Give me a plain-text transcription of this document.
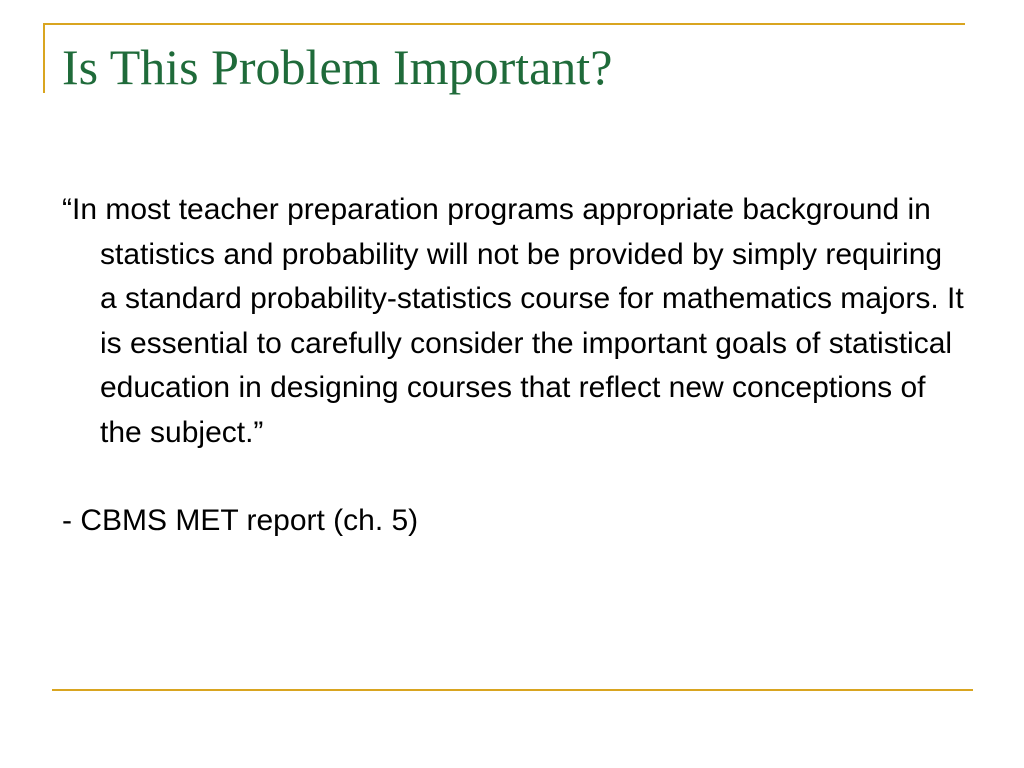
Is This Problem Important?

“In most teacher preparation programs appropriate background in statistics and probability will not be provided by simply requiring a standard probability-statistics course for mathematics majors. It is essential to carefully consider the important goals of statistical education in designing courses that reflect new conceptions of the subject.”

- CBMS MET report (ch. 5)
